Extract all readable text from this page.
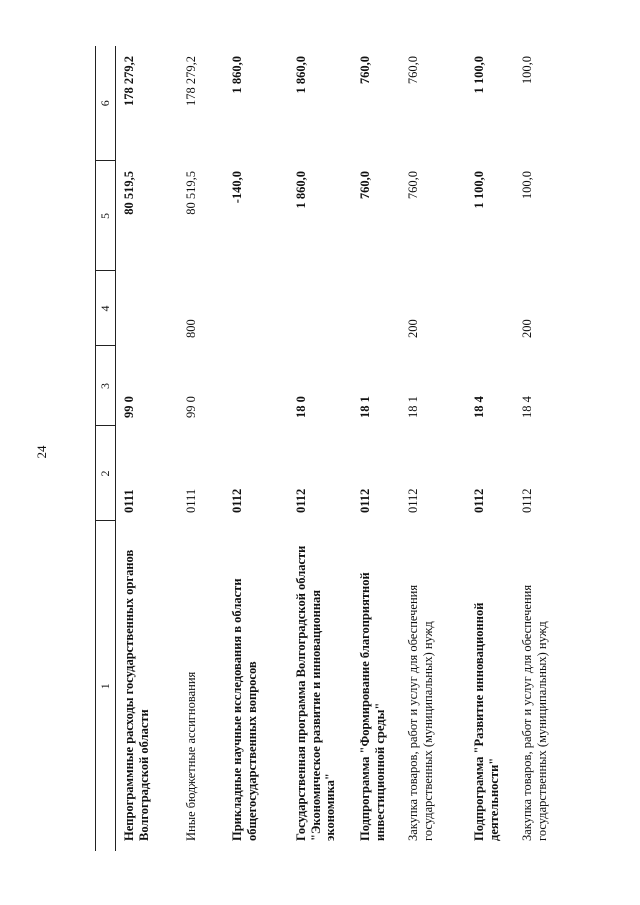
24
1	2	3	4	5	6
Непрограммные расходы государственных органов Волгоградской области	0111	99 0		80 519,5	178 279,2
Иные бюджетные ассигнования	0111	99 0	800	80 519,5	178 279,2
Прикладные научные исследования в области общегосударственных вопросов	0112			-140,0	1 860,0
Государственная программа Волгоградской области "Экономическое развитие и инновационная экономика"	0112	18 0		1 860,0	1 860,0
Подпрограмма "Формирование благоприятной инвестиционной среды"	0112	18 1		760,0	760,0
Закупка товаров, работ и услуг для обеспечения государственных (муниципальных) нужд	0112	18 1	200	760,0	760,0
Подпрограмма "Развитие инновационной деятельности"	0112	18 4		1 100,0	1 100,0
Закупка товаров, работ и услуг для обеспечения государственных (муниципальных) нужд	0112	18 4	200	100,0	100,0
